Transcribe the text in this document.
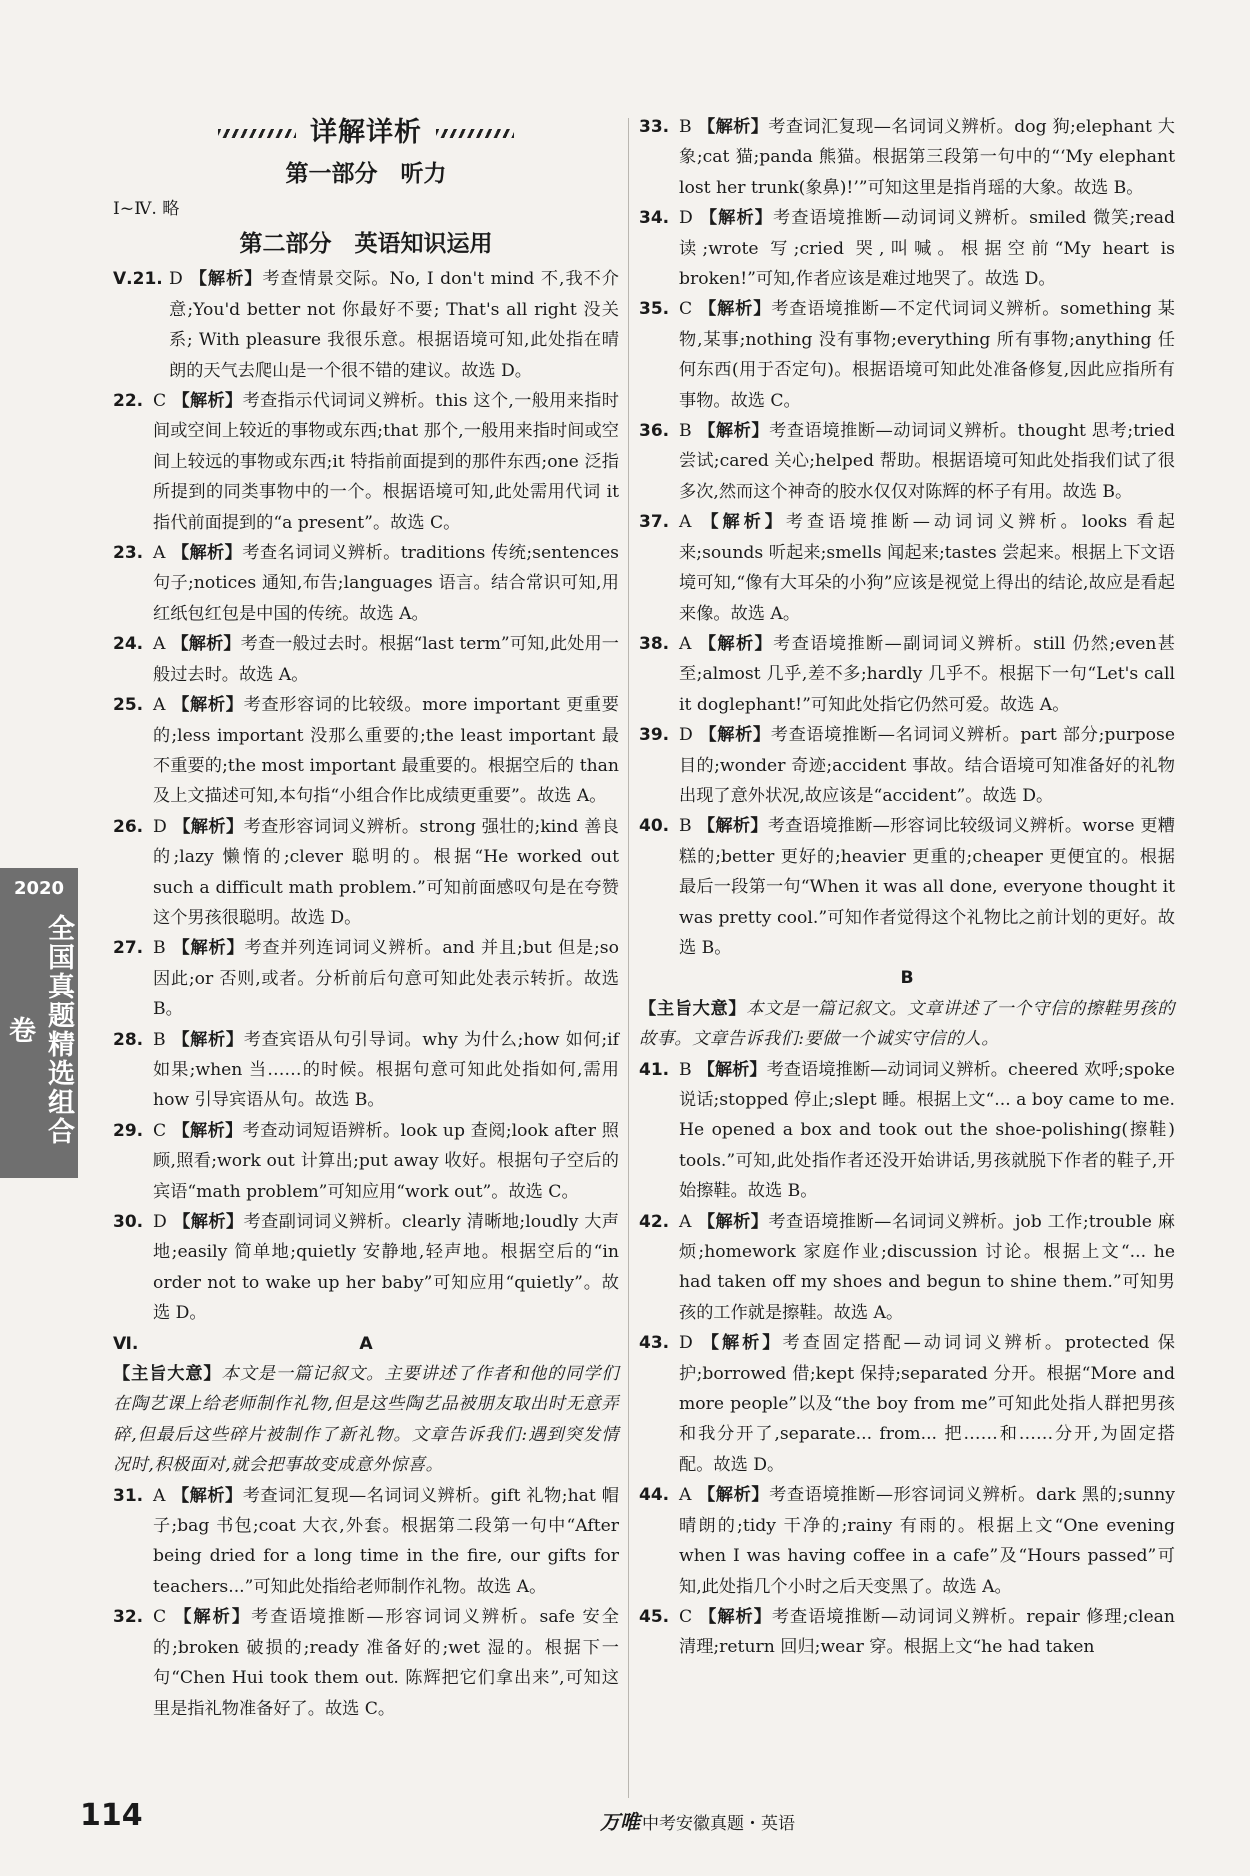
详解详析
第一部分　听力
Ⅰ~Ⅳ. 略
第二部分　英语知识运用
Ⅴ.21. D 【解析】考查情景交际。No, I don't mind 不,我不介意;You'd better not 你最好不要; That's all right 没关系; With pleasure 我很乐意。根据语境可知,此处指在晴朗的天气去爬山是一个很不错的建议。故选 D。
22. C 【解析】考查指示代词词义辨析。this 这个,一般用来指时间或空间上较近的事物或东西;that 那个,一般用来指时间或空间上较远的事物或东西;it 特指前面提到的那件东西;one 泛指所提到的同类事物中的一个。根据语境可知,此处需用代词 it 指代前面提到的“a present”。故选 C。
23. A 【解析】考查名词词义辨析。traditions 传统;sentences 句子;notices 通知,布告;languages 语言。结合常识可知,用红纸包红包是中国的传统。故选 A。
24. A 【解析】考查一般过去时。根据“last term”可知,此处用一般过去时。故选 A。
25. A 【解析】考查形容词的比较级。more important 更重要的;less important 没那么重要的;the least important 最不重要的;the most important 最重要的。根据空后的 than 及上文描述可知,本句指“小组合作比成绩更重要”。故选 A。
26. D 【解析】考查形容词词义辨析。strong 强壮的;kind 善良的;lazy 懒惰的;clever 聪明的。根据“He worked out such a difficult math problem.”可知前面感叹句是在夸赞这个男孩很聪明。故选 D。
27. B 【解析】考查并列连词词义辨析。and 并且;but 但是;so 因此;or 否则,或者。分析前后句意可知此处表示转折。故选 B。
28. B 【解析】考查宾语从句引导词。why 为什么;how 如何;if 如果;when 当……的时候。根据句意可知此处指如何,需用 how 引导宾语从句。故选 B。
29. C 【解析】考查动词短语辨析。look up 查阅;look after 照顾,照看;work out 计算出;put away 收好。根据句子空后的宾语“math problem”可知应用“work out”。故选 C。
30. D 【解析】考查副词词义辨析。clearly 清晰地;loudly 大声地;easily 简单地;quietly 安静地,轻声地。根据空后的“in order not to wake up her baby”可知应用“quietly”。故选 D。
Ⅵ.	A
【主旨大意】本文是一篇记叙文。主要讲述了作者和他的同学们在陶艺课上给老师制作礼物,但是这些陶艺品被朋友取出时无意弄碎,但最后这些碎片被制作了新礼物。文章告诉我们:遇到突发情况时,积极面对,就会把事故变成意外惊喜。
31. A 【解析】考查词汇复现—名词词义辨析。gift 礼物;hat 帽子;bag 书包;coat 大衣,外套。根据第二段第一句中“After being dried for a long time in the fire, our gifts for teachers...”可知此处指给老师制作礼物。故选 A。
32. C 【解析】考查语境推断—形容词词义辨析。safe 安全的;broken 破损的;ready 准备好的;wet 湿的。根据下一句“Chen Hui took them out. 陈辉把它们拿出来”,可知这里是指礼物准备好了。故选 C。
33. B 【解析】考查词汇复现—名词词义辨析。dog 狗;elephant 大象;cat 猫;panda 熊猫。根据第三段第一句中的“‘My elephant lost her trunk(象鼻)!’”可知这里是指肖瑶的大象。故选 B。
34. D 【解析】考查语境推断—动词词义辨析。smiled 微笑;read 读;wrote 写;cried 哭,叫喊。根据空前“My heart is broken!”可知,作者应该是难过地哭了。故选 D。
35. C 【解析】考查语境推断—不定代词词义辨析。something 某物,某事;nothing 没有事物;everything 所有事物;anything 任何东西(用于否定句)。根据语境可知此处准备修复,因此应指所有事物。故选 C。
36. B 【解析】考查语境推断—动词词义辨析。thought 思考;tried 尝试;cared 关心;helped 帮助。根据语境可知此处指我们试了很多次,然而这个神奇的胶水仅仅对陈辉的杯子有用。故选 B。
37. A 【解析】考查语境推断—动词词义辨析。looks 看起来;sounds 听起来;smells 闻起来;tastes 尝起来。根据上下文语境可知,“像有大耳朵的小狗”应该是视觉上得出的结论,故应是看起来像。故选 A。
38. A 【解析】考查语境推断—副词词义辨析。still 仍然;even甚至;almost 几乎,差不多;hardly 几乎不。根据下一句“Let's call it doglephant!”可知此处指它仍然可爱。故选 A。
39. D 【解析】考查语境推断—名词词义辨析。part 部分;purpose 目的;wonder 奇迹;accident 事故。结合语境可知准备好的礼物出现了意外状况,故应该是“accident”。故选 D。
40. B 【解析】考查语境推断—形容词比较级词义辨析。worse 更糟糕的;better 更好的;heavier 更重的;cheaper 更便宜的。根据最后一段第一句“When it was all done, everyone thought it was pretty cool.”可知作者觉得这个礼物比之前计划的更好。故选 B。
B
【主旨大意】本文是一篇记叙文。文章讲述了一个守信的擦鞋男孩的故事。文章告诉我们:要做一个诚实守信的人。
41. B 【解析】考查语境推断—动词词义辨析。cheered 欢呼;spoke 说话;stopped 停止;slept 睡。根据上文“... a boy came to me. He opened a box and took out the shoe-polishing(擦鞋) tools.”可知,此处指作者还没开始讲话,男孩就脱下作者的鞋子,开始擦鞋。故选 B。
42. A 【解析】考查语境推断—名词词义辨析。job 工作;trouble 麻烦;homework 家庭作业;discussion 讨论。根据上文“... he had taken off my shoes and begun to shine them.”可知男孩的工作就是擦鞋。故选 A。
43. D 【解析】考查固定搭配—动词词义辨析。protected 保护;borrowed 借;kept 保持;separated 分开。根据“More and more people”以及“the boy from me”可知此处指人群把男孩和我分开了,separate... from... 把……和……分开,为固定搭配。故选 D。
44. A 【解析】考查语境推断—形容词词义辨析。dark 黑的;sunny 晴朗的;tidy 干净的;rainy 有雨的。根据上文“One evening when I was having coffee in a cafe”及“Hours passed”可知,此处指几个小时之后天变黑了。故选 A。
45. C 【解析】考查语境推断—动词词义辨析。repair 修理;clean 清理;return 回归;wear 穿。根据上文“he had taken
2020
全国真题精选组合卷
114	万唯 中考安徽真题・英语
